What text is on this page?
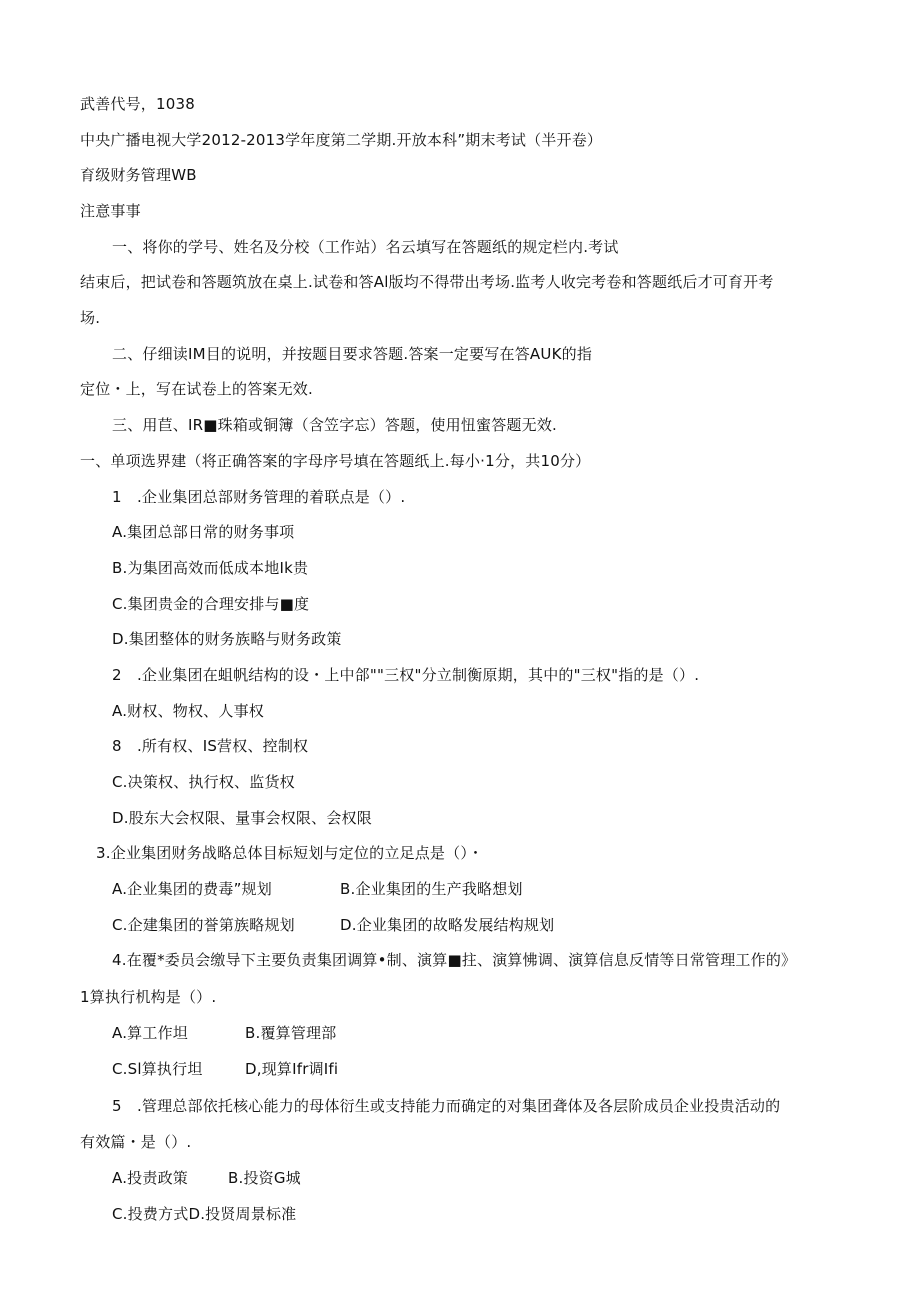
武善代号，1038
中央广播电视大学2012-2013学年度第二学期.开放本科”期末考试（半开卷）
育级财务管理WB
注意事事
一、将你的学号、姓名及分校（工作站）名云填写在答题纸的规定栏内.考试
结束后，把试卷和答题筑放在桌上.试卷和答Al版均不得带出考场.监考人收完考卷和答题纸后才可育开考
场.
二、仔细读IM目的说明，并按题目要求答题.答案一定要写在答AUK的指
定位・上，写在试卷上的答案无效.
三、用苣、IR■珠箱或铜簿（含笠字忘）答题，使用忸蜜答题无效.
一、单项选界建（将正确答案的字母序号填在答题纸上.每小·1分，共10分）
1　.企业集团总部财务管理的着联点是（）.
A.集团总部日常的财务事项
B.为集团高效而低成本地Ik贵
C.集团贵金的合理安排与■度
D.集团整体的财务族略与财务政策
2　.企业集团在蛆帆结构的设・上中郃""三权"分立制衡原期，其中的"三权"指的是（）.
A.财权、物权、人事权
8　.所有权、IS营权、控制权
C.决策权、执行权、监货权
D.股东大会权限、量事会权限、会权限
3.企业集团财务战略总体目标短划与定位的立足点是（）・
A.企业集团的费毒”规划	B.企业集团的生产我略想划
C.企建集团的誉第族略规划	D.企业集团的故略发展结构规划
4.在覆*委员会缴导下主要负责集团调算•制、演算■拄、演算怫调、演算信息反情等日常管理工作的》
1算执行机构是（）.
A.算工作坦	B.覆算管理部
C.Sl算执行坦	D,现算Ifr调Ifi
5　.管理总部依托核心能力的母体衍生或支持能力而确定的对集团聋体及各层阶成员企业投贵活动的
有效篇・是（）.
A.投责政策	B.投资G城
C.投费方式D.投贤周景标准
